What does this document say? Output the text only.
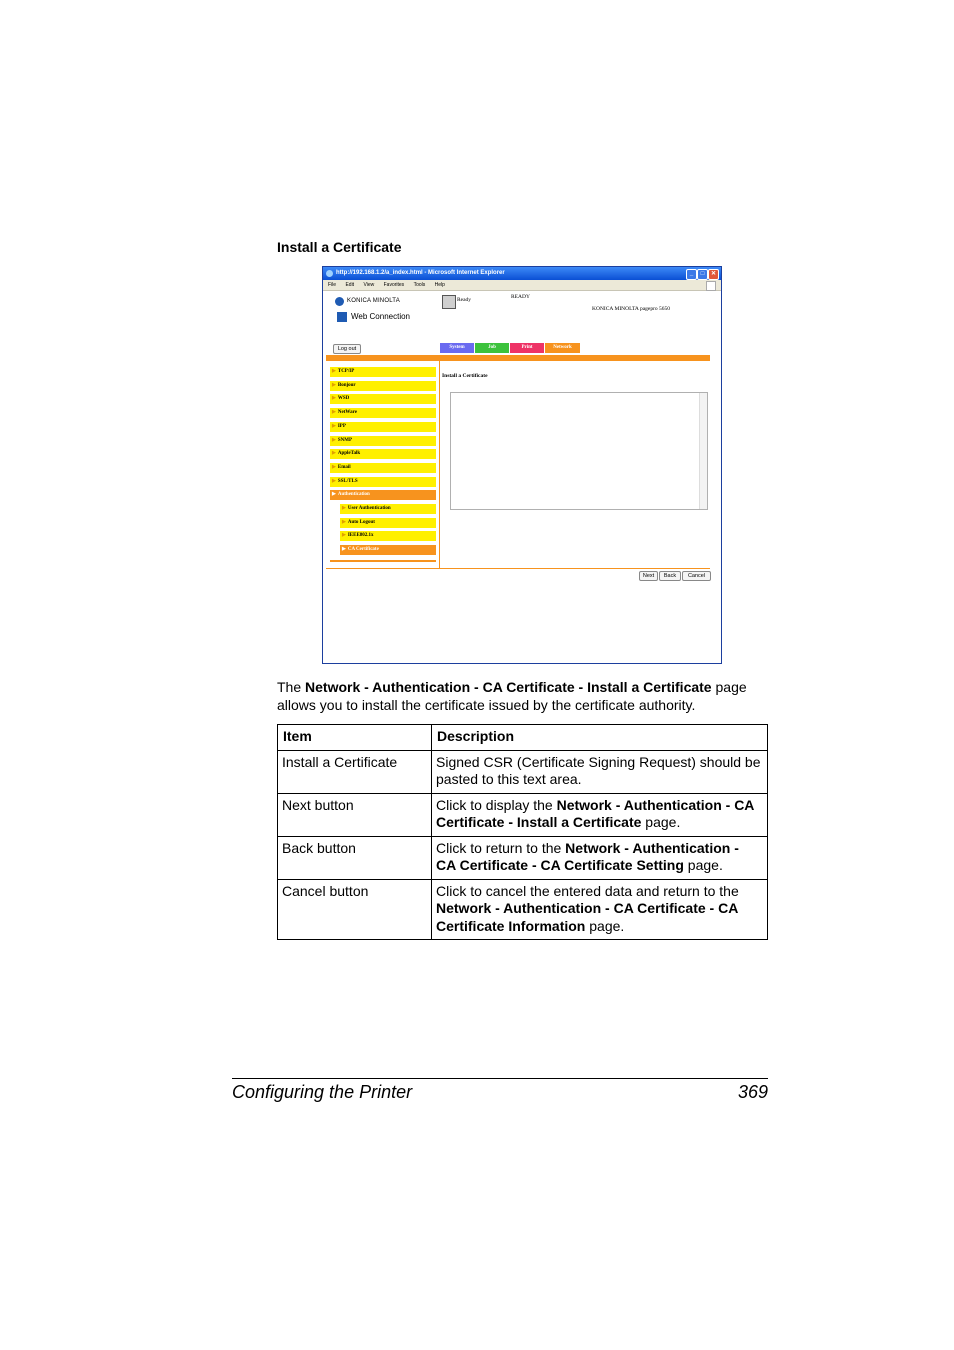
Install a Certificate
http://192.168.1.2/a_index.html - Microsoft Internet Explorer	_	□	✕
File Edit View Favorites Tools Help
KONICA MINOLTA
Web Connection
Ready	READY
KONICA MINOLTA pagepro 5650
Log out	System	Job	Print	Network
▶ TCP/IP
▶ Bonjour
▶ WSD
▶ NetWare
▶ IPP
▶ SNMP
▶ AppleTalk
▶ Email
▶ SSL/TLS
▶ Authentication
▶ User Authentication
▶ Auto Logout
▶ IEEE802.1x
▶ CA Certificate
Install a Certificate
Next	Back	Cancel
The Network - Authentication - CA Certificate - Install a Certificate page allows you to install the certificate issued by the certificate authority.
Item	Description
Install a Certificate	Signed CSR (Certificate Signing Request) should be pasted to this text area.
Next button	Click to display the Network - Authentication - CA Certificate - Install a Certificate page.
Back button	Click to return to the Network - Authentication - CA Certificate - CA Certificate Setting page.
Cancel button	Click to cancel the entered data and return to the Network - Authentication - CA Certificate - CA Certificate Information page.
Configuring the Printer	369
